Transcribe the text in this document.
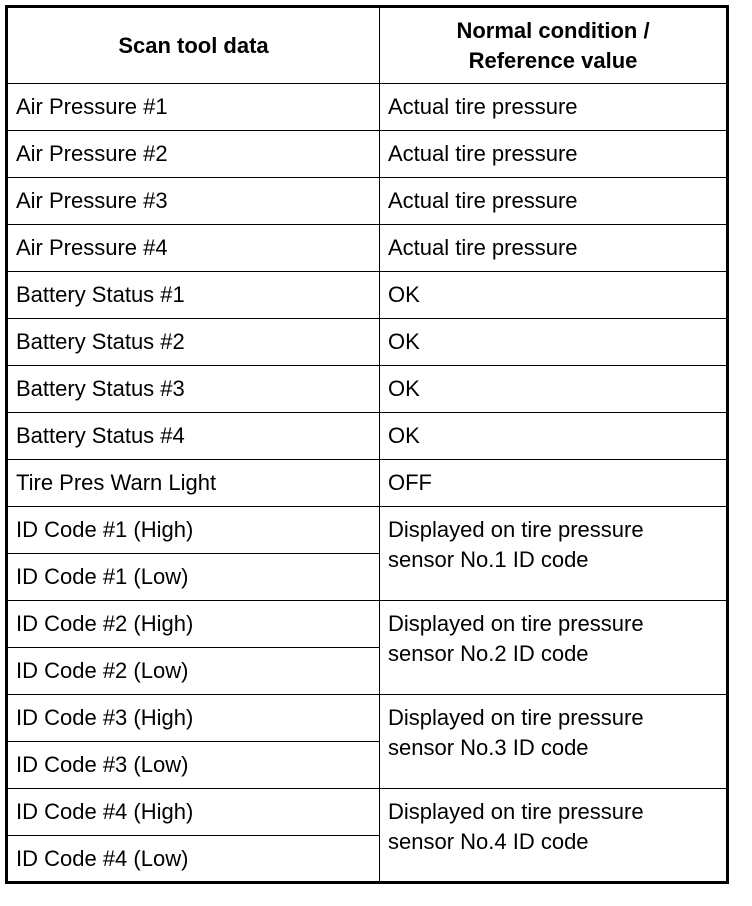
Scan tool data	Normal condition /
Reference value

Air Pressure #1	Actual tire pressure
Air Pressure #2	Actual tire pressure
Air Pressure #3	Actual tire pressure
Air Pressure #4	Actual tire pressure
Battery Status #1	OK
Battery Status #2	OK
Battery Status #3	OK
Battery Status #4	OK
Tire Pres Warn Light	OFF
ID Code #1 (High)	Displayed on tire pressure
sensor No.1 ID code

ID Code #1 (Low)	
ID Code #2 (High)	Displayed on tire pressure
sensor No.2 ID code

ID Code #2 (Low)	
ID Code #3 (High)	Displayed on tire pressure
sensor No.3 ID code

ID Code #3 (Low)	
ID Code #4 (High)	Displayed on tire pressure
sensor No.4 ID code

ID Code #4 (Low)	
